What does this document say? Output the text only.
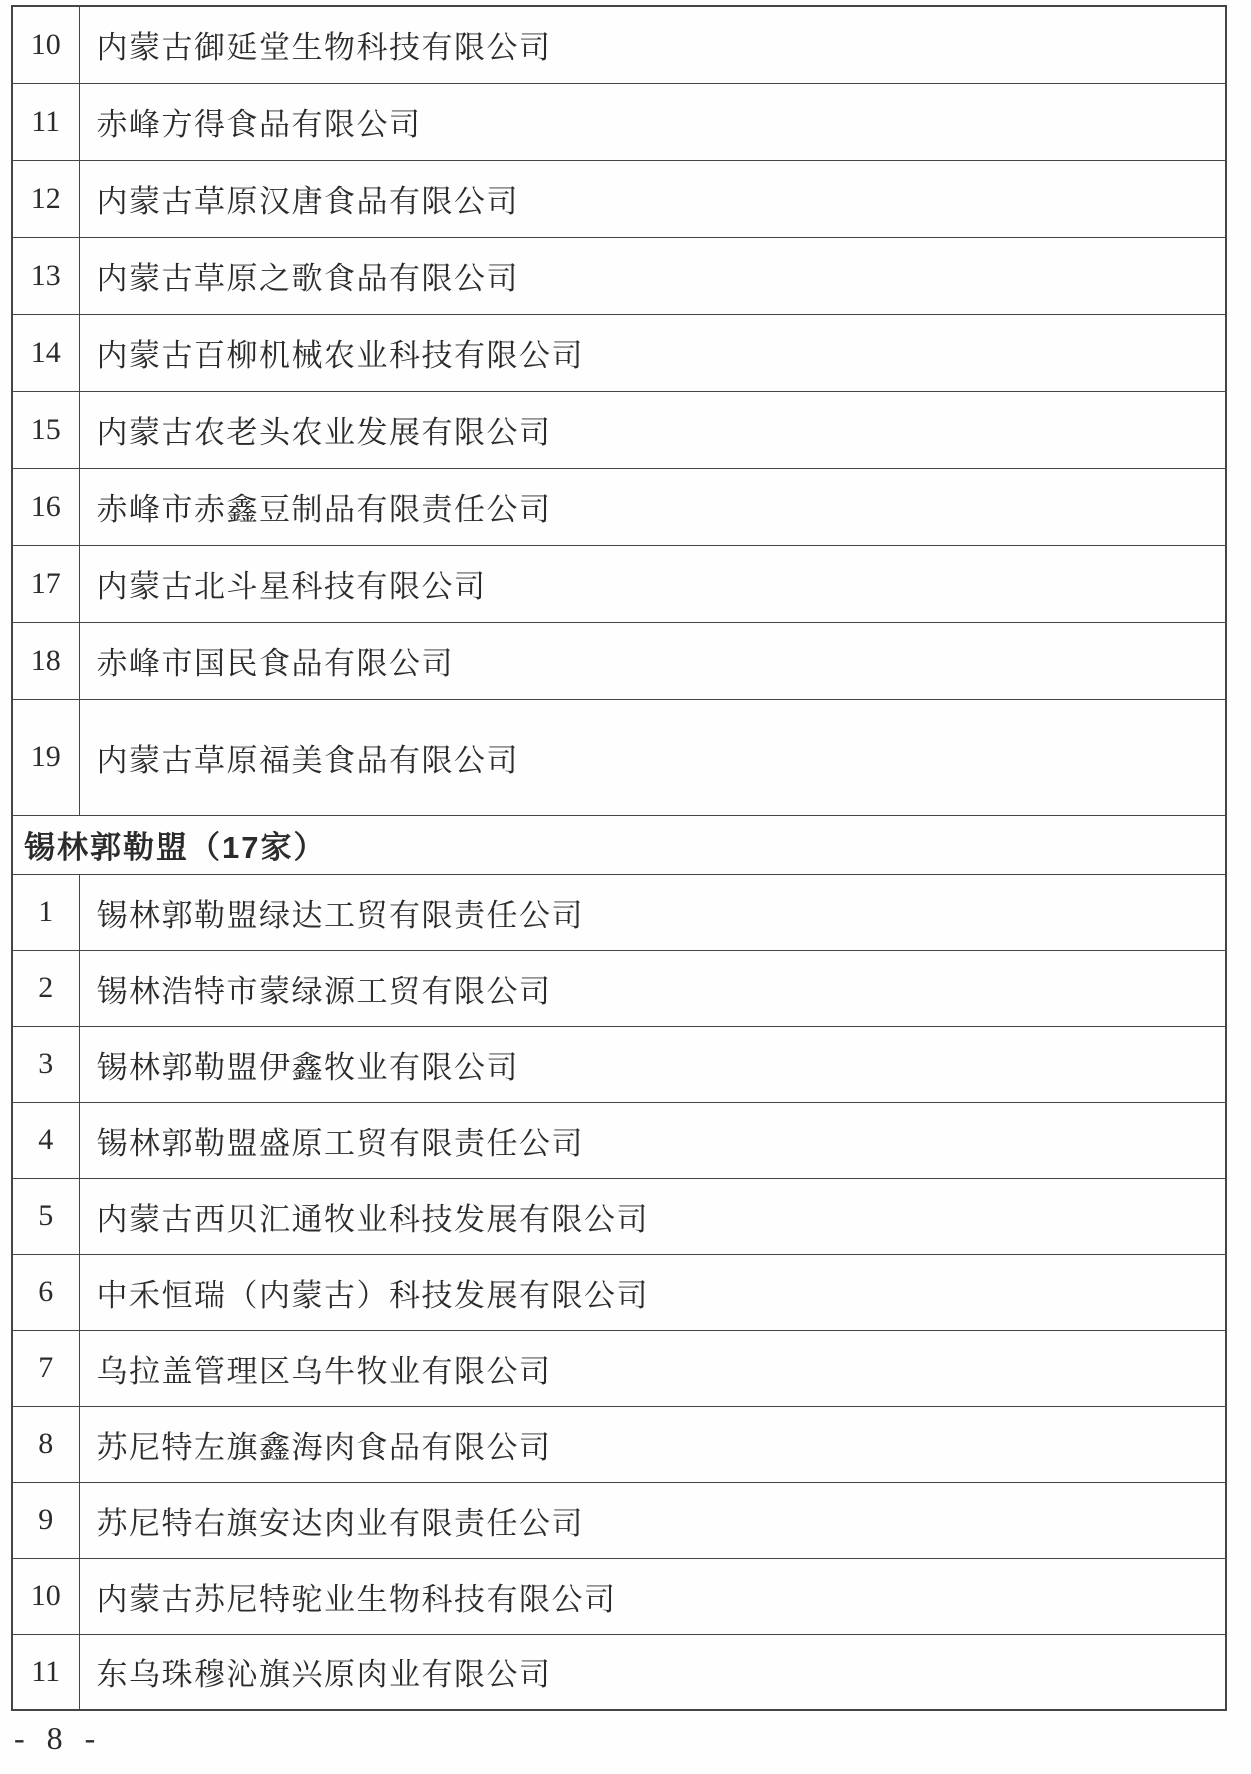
10	内蒙古御延堂生物科技有限公司
11	赤峰方得食品有限公司
12	内蒙古草原汉唐食品有限公司
13	内蒙古草原之歌食品有限公司
14	内蒙古百柳机械农业科技有限公司
15	内蒙古农老头农业发展有限公司
16	赤峰市赤鑫豆制品有限责任公司
17	内蒙古北斗星科技有限公司
18	赤峰市国民食品有限公司
19	内蒙古草原福美食品有限公司
锡林郭勒盟（17家）	
1	锡林郭勒盟绿达工贸有限责任公司
2	锡林浩特市蒙绿源工贸有限公司
3	锡林郭勒盟伊鑫牧业有限公司
4	锡林郭勒盟盛原工贸有限责任公司
5	内蒙古西贝汇通牧业科技发展有限公司
6	中禾恒瑞（内蒙古）科技发展有限公司
7	乌拉盖管理区乌牛牧业有限公司
8	苏尼特左旗鑫海肉食品有限公司
9	苏尼特右旗安达肉业有限责任公司
10	内蒙古苏尼特驼业生物科技有限公司
11	东乌珠穆沁旗兴原肉业有限公司
- 8 -
